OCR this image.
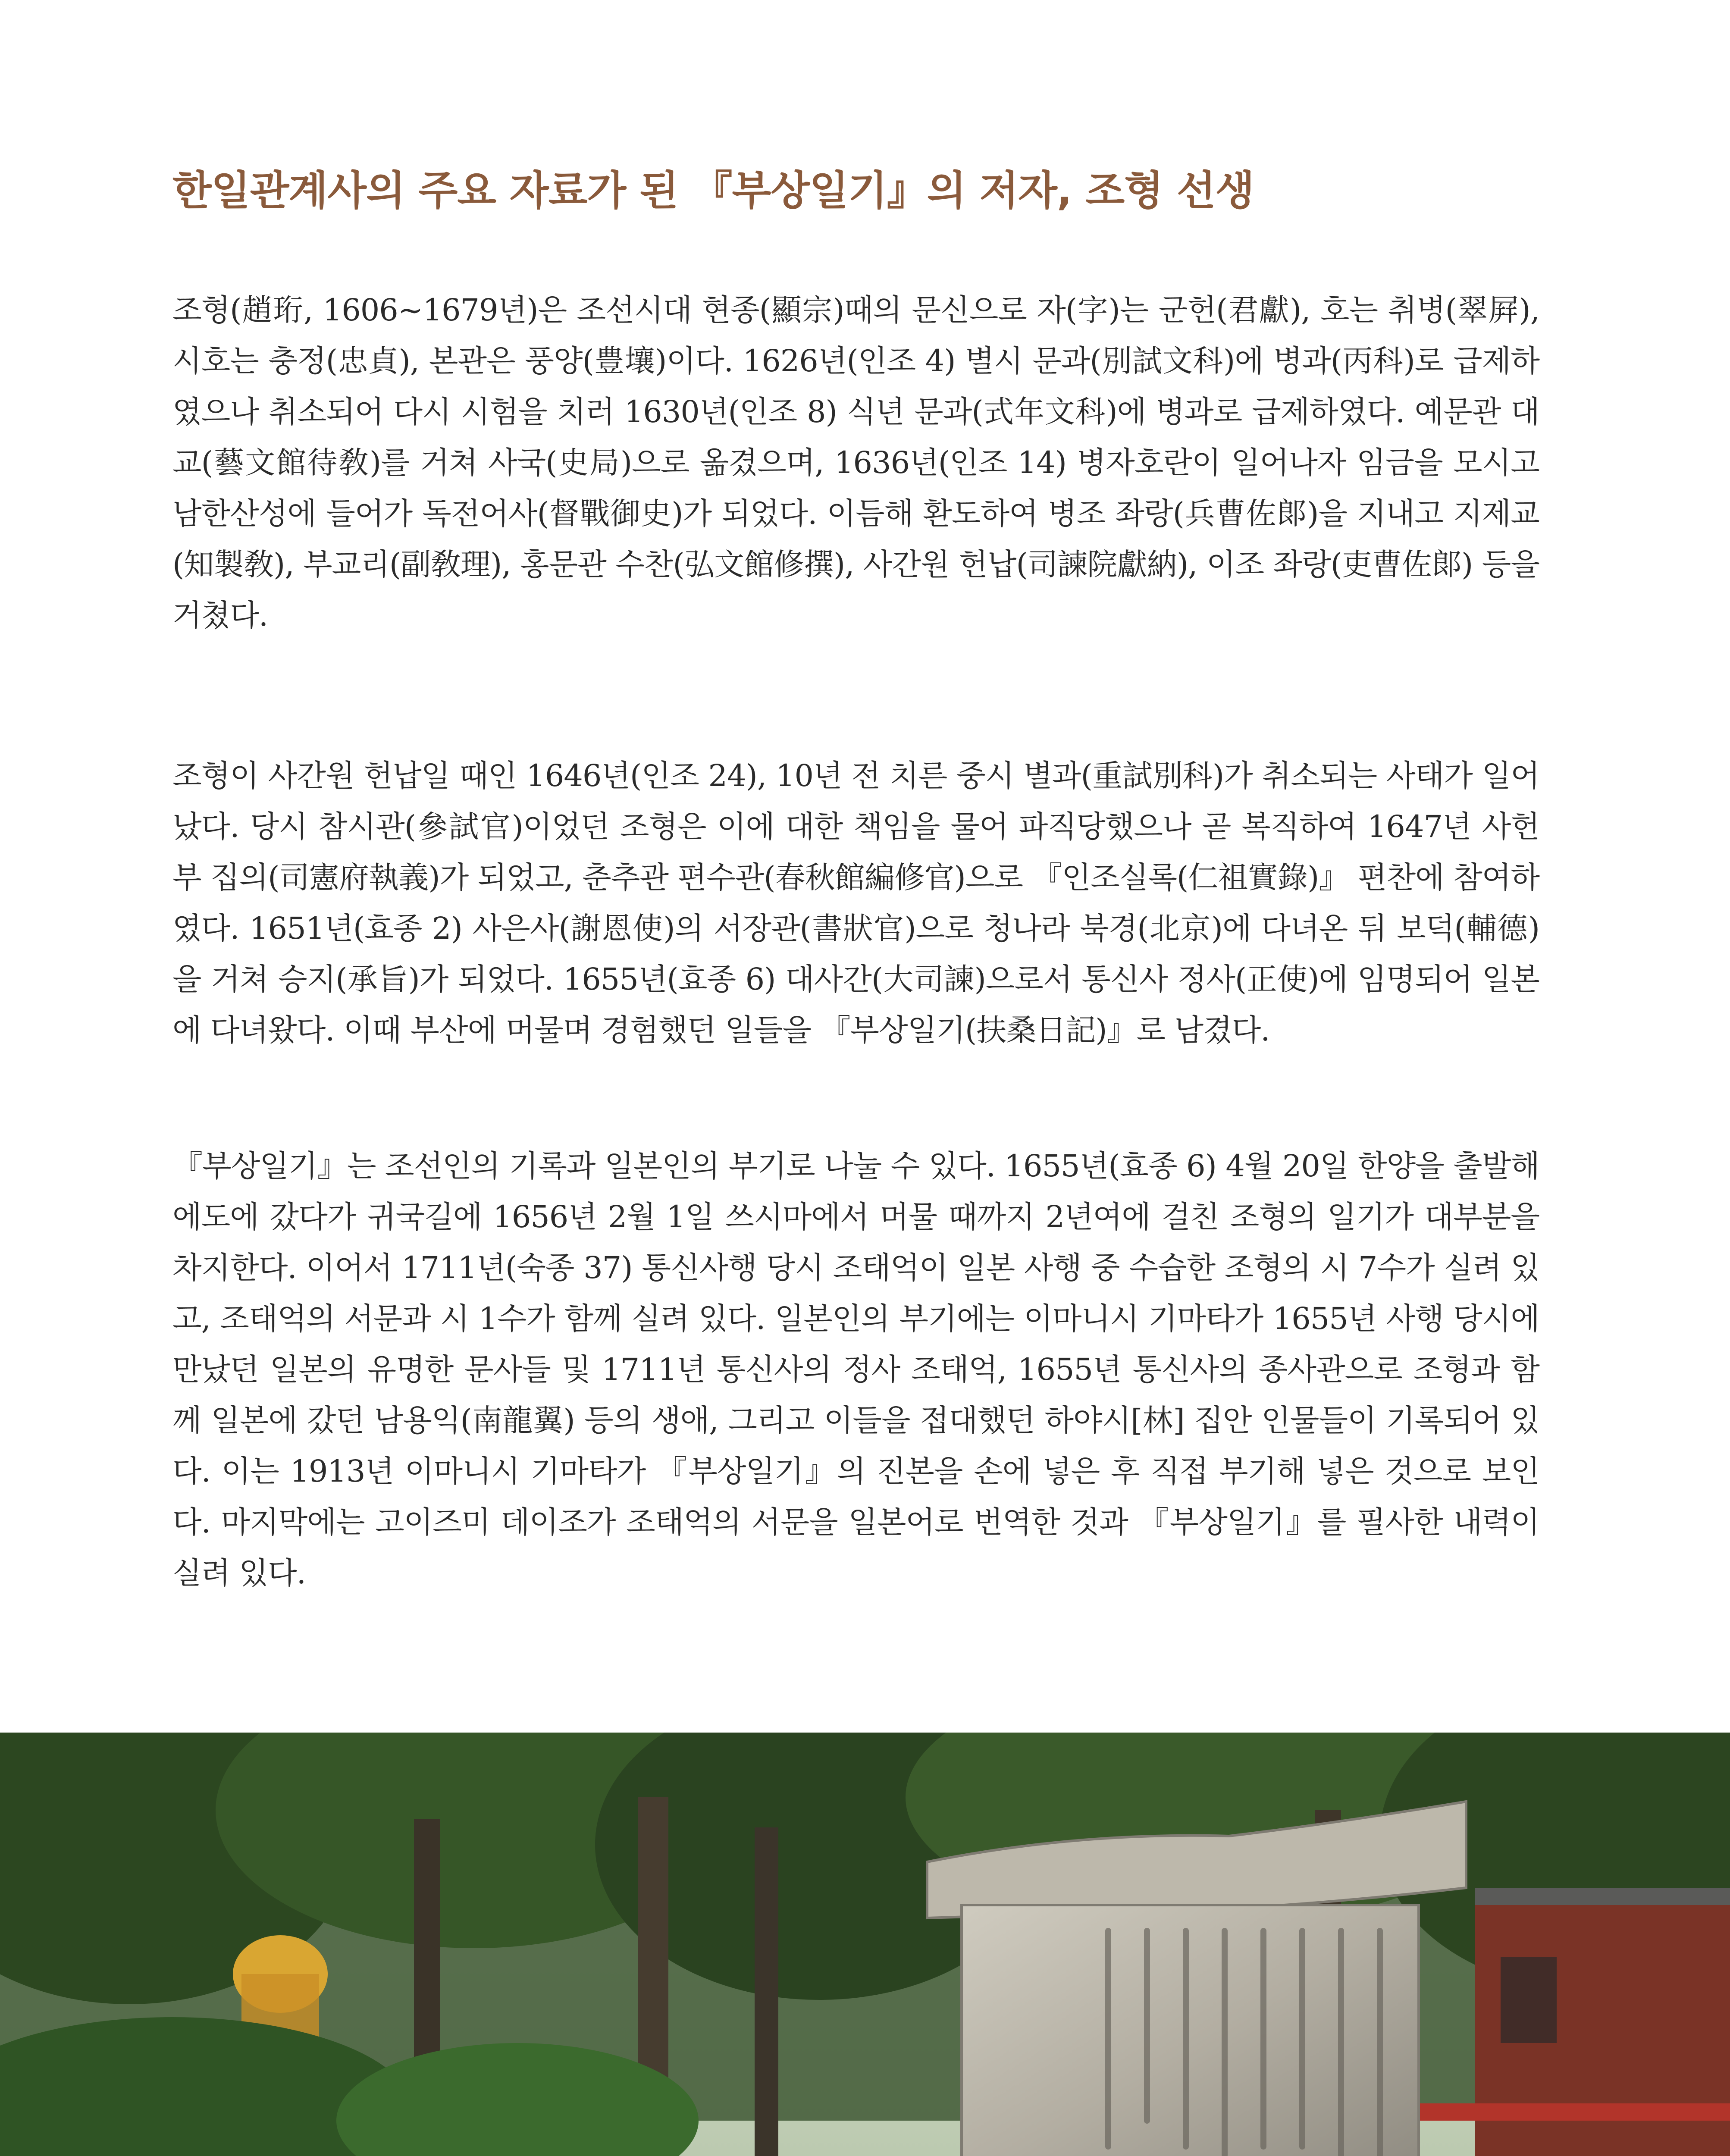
한일관계사의 주요 자료가 된 『부상일기』의 저자, 조형 선생

조형(趙珩, 1606~1679년)은 조선시대 현종(顯宗)때의 문신으로 자(字)는 군헌(君獻), 호는 취병(翠屛), 시호는 충정(忠貞), 본관은 풍양(豊壤)이다. 1626년(인조 4) 별시 문과(別試文科)에 병과(丙科)로 급제하였으나 취소되어 다시 시험을 치러 1630년(인조 8) 식년 문과(式年文科)에 병과로 급제하였다. 예문관 대교(藝文館待敎)를 거쳐 사국(史局)으로 옮겼으며, 1636년(인조 14) 병자호란이 일어나자 임금을 모시고 남한산성에 들어가 독전어사(督戰御史)가 되었다. 이듬해 환도하여 병조 좌랑(兵曹佐郞)을 지내고 지제교(知製敎), 부교리(副敎理), 홍문관 수찬(弘文館修撰), 사간원 헌납(司諫院獻納), 이조 좌랑(吏曹佐郞) 등을 거쳤다.

조형이 사간원 헌납일 때인 1646년(인조 24), 10년 전 치른 중시 별과(重試別科)가 취소되는 사태가 일어났다. 당시 참시관(參試官)이었던 조형은 이에 대한 책임을 물어 파직당했으나 곧 복직하여 1647년 사헌부 집의(司憲府執義)가 되었고, 춘추관 편수관(春秋館編修官)으로 『인조실록(仁祖實錄)』 편찬에 참여하였다. 1651년(효종 2) 사은사(謝恩使)의 서장관(書狀官)으로 청나라 북경(北京)에 다녀온 뒤 보덕(輔德)을 거쳐 승지(承旨)가 되었다. 1655년(효종 6) 대사간(大司諫)으로서 통신사 정사(正使)에 임명되어 일본에 다녀왔다. 이때 부산에 머물며 경험했던 일들을 『부상일기(扶桑日記)』로 남겼다.

『부상일기』는 조선인의 기록과 일본인의 부기로 나눌 수 있다. 1655년(효종 6) 4월 20일 한양을 출발해 에도에 갔다가 귀국길에 1656년 2월 1일 쓰시마에서 머물 때까지 2년여에 걸친 조형의 일기가 대부분을 차지한다. 이어서 1711년(숙종 37) 통신사행 당시 조태억이 일본 사행 중 수습한 조형의 시 7수가 실려 있고, 조태억의 서문과 시 1수가 함께 실려 있다. 일본인의 부기에는 이마니시 기마타가 1655년 사행 당시에 만났던 일본의 유명한 문사들 및 1711년 통신사의 정사 조태억, 1655년 통신사의 종사관으로 조형과 함께 일본에 갔던 남용익(南龍翼) 등의 생애, 그리고 이들을 접대했던 하야시[林] 집안 인물들이 기록되어 있다. 이는 1913년 이마니시 기마타가 『부상일기』의 진본을 손에 넣은 후 직접 부기해 넣은 것으로 보인다. 마지막에는 고이즈미 데이조가 조태억의 서문을 일본어로 번역한 것과 『부상일기』를 필사한 내력이 실려 있다.
